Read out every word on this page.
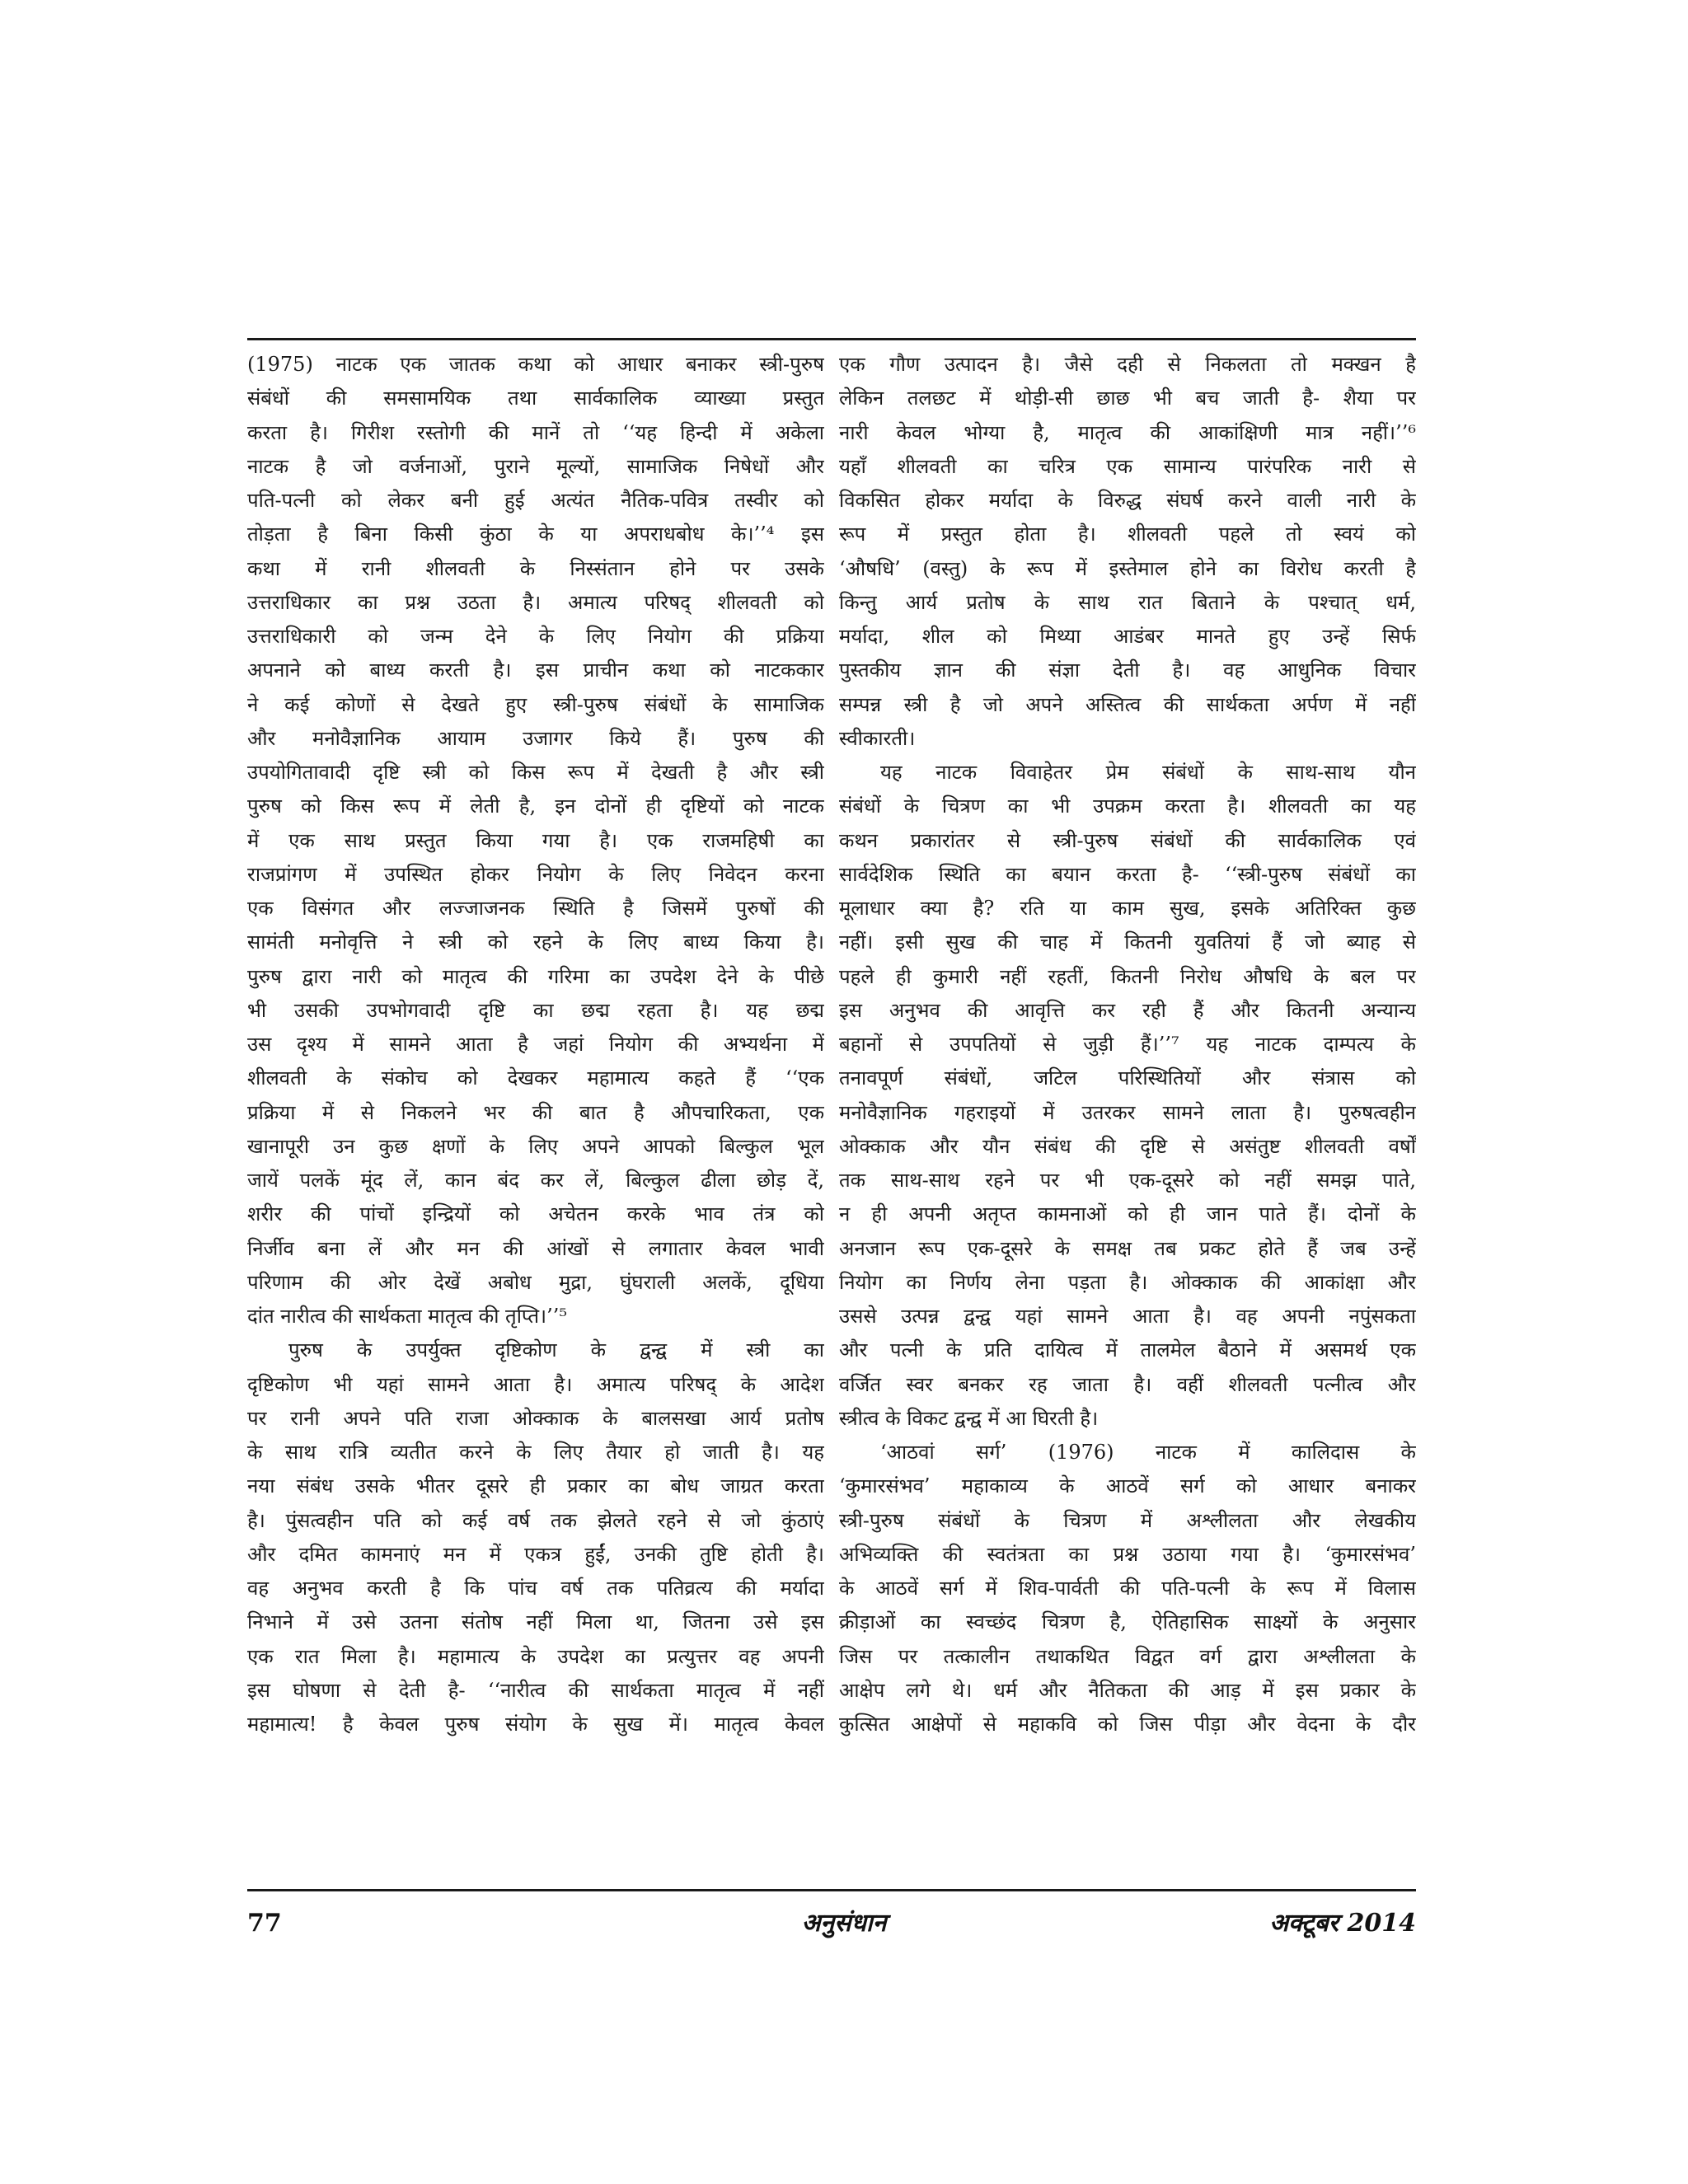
(1975) नाटक एक जातक कथा को आधार बनाकर स्त्री-पुरुष
संबंधों की समसामयिक तथा सार्वकालिक व्याख्या प्रस्तुत
करता है। गिरीश रस्तोगी की मानें तो ‘‘यह हिन्दी में अकेला
नाटक है जो वर्जनाओं, पुराने मूल्यों, सामाजिक निषेधों और
पति-पत्नी को लेकर बनी हुई अत्यंत नैतिक-पवित्र तस्वीर को
तोड़ता है बिना किसी कुंठा के या अपराधबोध के।’’⁴ इस
कथा में रानी शीलवती के निस्संतान होने पर उसके
उत्तराधिकार का प्रश्न उठता है। अमात्य परिषद् शीलवती को
उत्तराधिकारी को जन्म देने के लिए नियोग की प्रक्रिया
अपनाने को बाध्य करती है। इस प्राचीन कथा को नाटककार
ने कई कोणों से देखते हुए स्त्री-पुरुष संबंधों के सामाजिक
और मनोवैज्ञानिक आयाम उजागर किये हैं। पुरुष की
उपयोगितावादी दृष्टि स्त्री को किस रूप में देखती है और स्त्री
पुरुष को किस रूप में लेती है, इन दोनों ही दृष्टियों को नाटक
में एक साथ प्रस्तुत किया गया है। एक राजमहिषी का
राजप्रांगण में उपस्थित होकर नियोग के लिए निवेदन करना
एक विसंगत और लज्जाजनक स्थिति है जिसमें पुरुषों की
सामंती मनोवृत्ति ने स्त्री को रहने के लिए बाध्य किया है।
पुरुष द्वारा नारी को मातृत्व की गरिमा का उपदेश देने के पीछे
भी उसकी उपभोगवादी दृष्टि का छद्म रहता है। यह छद्म
उस दृश्य में सामने आता है जहां नियोग की अभ्यर्थना में
शीलवती के संकोच को देखकर महामात्य कहते हैं ‘‘एक
प्रक्रिया में से निकलने भर की बात है औपचारिकता, एक
खानापूरी उन कुछ क्षणों के लिए अपने आपको बिल्कुल भूल
जायें पलकें मूंद लें, कान बंद कर लें, बिल्कुल ढीला छोड़ दें,
शरीर की पांचों इन्द्रियों को अचेतन करके भाव तंत्र को
निर्जीव बना लें और मन की आंखों से लगातार केवल भावी
परिणाम की ओर देखें अबोध मुद्रा, घुंघराली अलकें, दूधिया
दांत नारीत्व की सार्थकता मातृत्व की तृप्ति।’’⁵
पुरुष के उपर्युक्त दृष्टिकोण के द्वन्द्व में स्त्री का
दृष्टिकोण भी यहां सामने आता है। अमात्य परिषद् के आदेश
पर रानी अपने पति राजा ओक्काक के बालसखा आर्य प्रतोष
के साथ रात्रि व्यतीत करने के लिए तैयार हो जाती है। यह
नया संबंध उसके भीतर दूसरे ही प्रकार का बोध जाग्रत करता
है। पुंसत्वहीन पति को कई वर्ष तक झेलते रहने से जो कुंठाएं
और दमित कामनाएं मन में एकत्र हुईं, उनकी तुष्टि होती है।
वह अनुभव करती है कि पांच वर्ष तक पतिव्रत्य की मर्यादा
निभाने में उसे उतना संतोष नहीं मिला था, जितना उसे इस
एक रात मिला है। महामात्य के उपदेश का प्रत्युत्तर वह अपनी
इस घोषणा से देती है- ‘‘नारीत्व की सार्थकता मातृत्व में नहीं
महामात्य! है केवल पुरुष संयोग के सुख में। मातृत्व केवल
एक गौण उत्पादन है। जैसे दही से निकलता तो मक्खन है
लेकिन तलछट में थोड़ी-सी छाछ भी बच जाती है- शैया पर
नारी केवल भोग्या है, मातृत्व की आकांक्षिणी मात्र नहीं।’’⁶
यहाँ शीलवती का चरित्र एक सामान्य पारंपरिक नारी से
विकसित होकर मर्यादा के विरुद्ध संघर्ष करने वाली नारी के
रूप में प्रस्तुत होता है। शीलवती पहले तो स्वयं को
‘औषधि’ (वस्तु) के रूप में इस्तेमाल होने का विरोध करती है
किन्तु आर्य प्रतोष के साथ रात बिताने के पश्चात् धर्म,
मर्यादा, शील को मिथ्या आडंबर मानते हुए उन्हें सिर्फ
पुस्तकीय ज्ञान की संज्ञा देती है। वह आधुनिक विचार
सम्पन्न स्त्री है जो अपने अस्तित्व की सार्थकता अर्पण में नहीं
स्वीकारती।
यह नाटक विवाहेतर प्रेम संबंधों के साथ-साथ यौन
संबंधों के चित्रण का भी उपक्रम करता है। शीलवती का यह
कथन प्रकारांतर से स्त्री-पुरुष संबंधों की सार्वकालिक एवं
सार्वदेशिक स्थिति का बयान करता है- ‘‘स्त्री-पुरुष संबंधों का
मूलाधार क्या है? रति या काम सुख, इसके अतिरिक्त कुछ
नहीं। इसी सुख की चाह में कितनी युवतियां हैं जो ब्याह से
पहले ही कुमारी नहीं रहतीं, कितनी निरोध औषधि के बल पर
इस अनुभव की आवृत्ति कर रही हैं और कितनी अन्यान्य
बहानों से उपपतियों से जुड़ी हैं।’’⁷ यह नाटक दाम्पत्य के
तनावपूर्ण संबंधों, जटिल परिस्थितियों और संत्रास को
मनोवैज्ञानिक गहराइयों में उतरकर सामने लाता है। पुरुषत्वहीन
ओक्काक और यौन संबंध की दृष्टि से असंतुष्ट शीलवती वर्षों
तक साथ-साथ रहने पर भी एक-दूसरे को नहीं समझ पाते,
न ही अपनी अतृप्त कामनाओं को ही जान पाते हैं। दोनों के
अनजान रूप एक-दूसरे के समक्ष तब प्रकट होते हैं जब उन्हें
नियोग का निर्णय लेना पड़ता है। ओक्काक की आकांक्षा और
उससे उत्पन्न द्वन्द्व यहां सामने आता है। वह अपनी नपुंसकता
और पत्नी के प्रति दायित्व में तालमेल बैठाने में असमर्थ एक
वर्जित स्वर बनकर रह जाता है। वहीं शीलवती पत्नीत्व और
स्त्रीत्व के विकट द्वन्द्व में आ घिरती है।
‘आठवां सर्ग’ (1976) नाटक में कालिदास के
‘कुमारसंभव’ महाकाव्य के आठवें सर्ग को आधार बनाकर
स्त्री-पुरुष संबंधों के चित्रण में अश्लीलता और लेखकीय
अभिव्यक्ति की स्वतंत्रता का प्रश्न उठाया गया है। ‘कुमारसंभव’
के आठवें सर्ग में शिव-पार्वती की पति-पत्नी के रूप में विलास
क्रीड़ाओं का स्वच्छंद चित्रण है, ऐतिहासिक साक्ष्यों के अनुसार
जिस पर तत्कालीन तथाकथित विद्वत वर्ग द्वारा अश्लीलता के
आक्षेप लगे थे। धर्म और नैतिकता की आड़ में इस प्रकार के
कुत्सित आक्षेपों से महाकवि को जिस पीड़ा और वेदना के दौर
77	अनुसंधान	अक्टूबर 2014
